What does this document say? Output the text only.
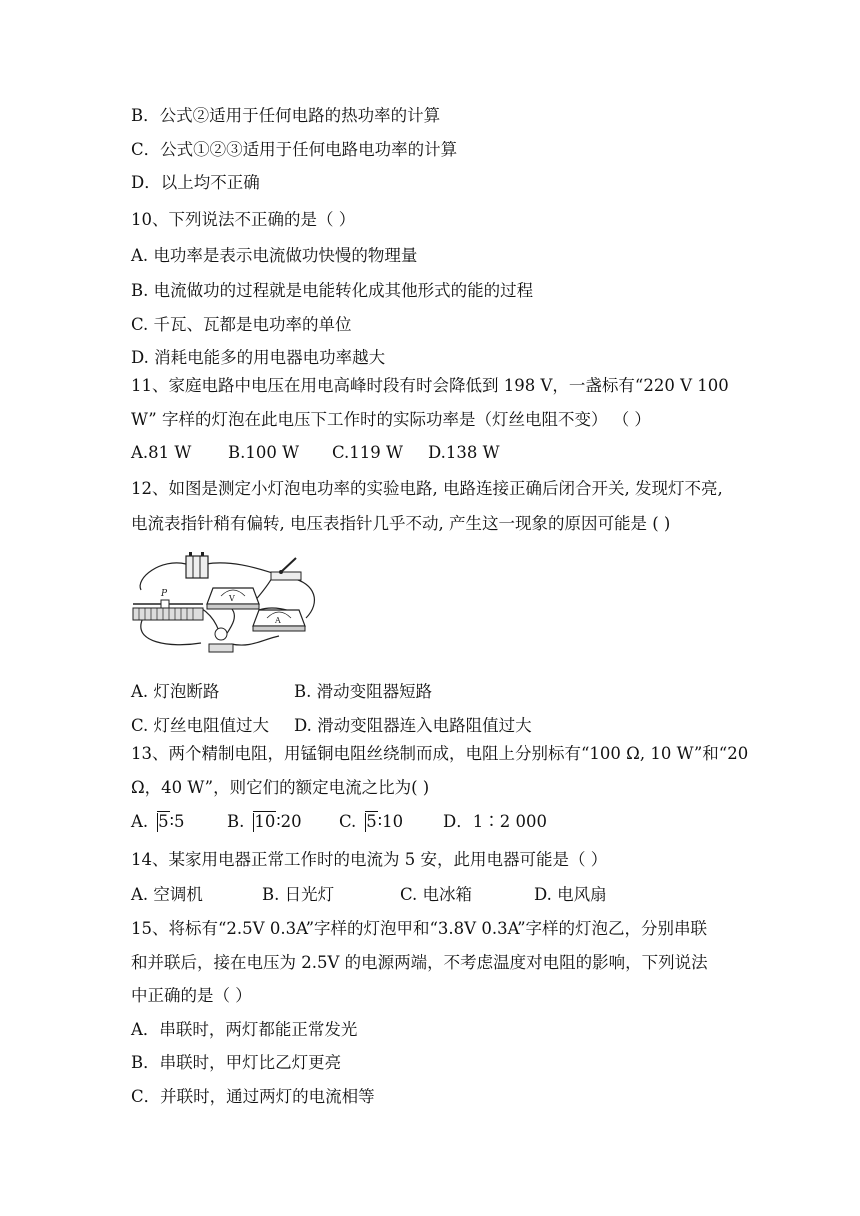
B．公式②适用于任何电路的热功率的计算
C．公式①②③适用于任何电路电功率的计算
D．以上均不正确
10、下列说法不正确的是（ ）
A. 电功率是表示电流做功快慢的物理量
B. 电流做功的过程就是电能转化成其他形式的能的过程
C. 千瓦、瓦都是电功率的单位
D. 消耗电能多的用电器电功率越大
11、家庭电路中电压在用电高峰时段有时会降低到 198 V，一盏标有“220 V 100
W” 字样的灯泡在此电压下工作时的实际功率是（灯丝电阻不变） （ ）
A.81 W B.100 W C.119 W D.138 W
12、如图是测定小灯泡电功率的实验电路, 电路连接正确后闭合开关, 发现灯不亮,
电流表指针稍有偏转, 电压表指针几乎不动, 产生这一现象的原因可能是 ( )
P	V
A
A. 灯泡断路	B. 滑动变阻器短路
C. 灯丝电阻值过大 D. 滑动变阻器连入电路阻值过大
13、两个精制电阻，用锰铜电阻丝绕制而成，电阻上分别标有“100 Ω, 10 W”和“20
Ω，40 W”，则它们的额定电流之比为( )
A. 5∶5	B. 10∶20 C. 5∶10 D．1∶2 000
14、某家用电器正常工作时的电流为 5 安，此用电器可能是（ ）
A. 空调机	B. 日光灯	C. 电冰箱	D. 电风扇
15、将标有“2.5V 0.3A”字样的灯泡甲和“3.8V 0.3A”字样的灯泡乙，分别串联
和并联后，接在电压为 2.5V 的电源两端，不考虑温度对电阻的影响，下列说法
中正确的是（ ）
A．串联时，两灯都能正常发光
B．串联时，甲灯比乙灯更亮
C．并联时，通过两灯的电流相等
